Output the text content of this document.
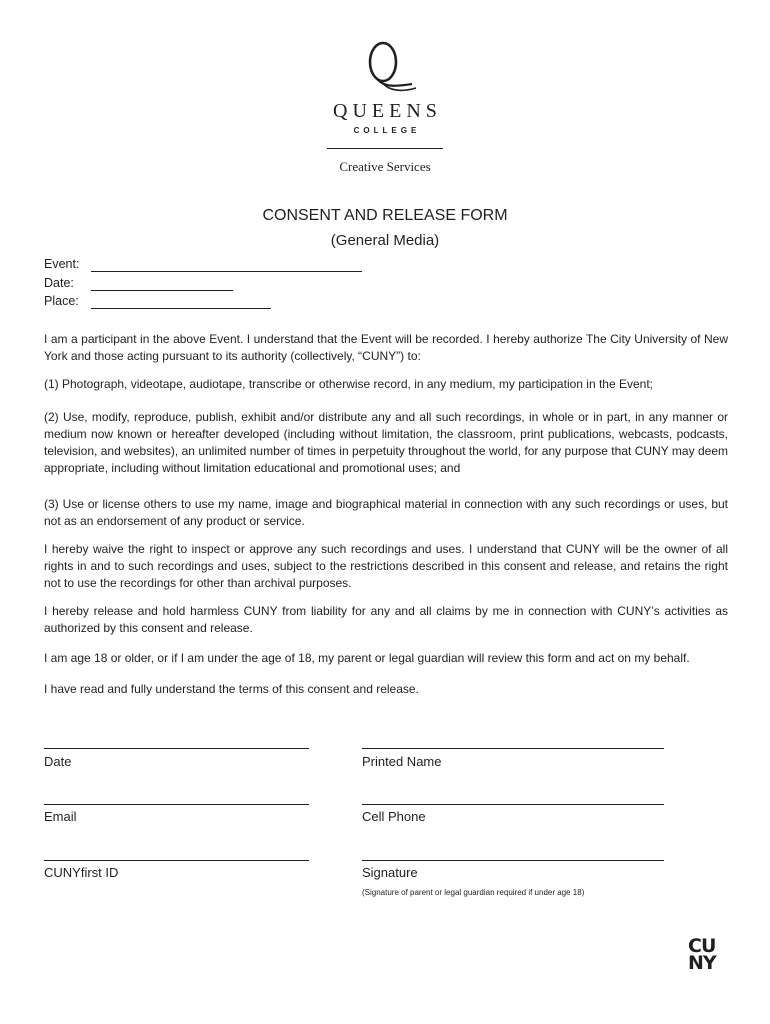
QUEENS
COLLEGE
Creative Services
CONSENT AND RELEASE FORM
(General Media)
Event:
Date:
Place:
I am a participant in the above Event. I understand that the Event will be recorded. I hereby authorize The City University of New York and those acting pursuant to its authority (collectively, “CUNY”) to:
(1) Photograph, videotape, audiotape, transcribe or otherwise record, in any medium, my participation in the Event;
(2) Use, modify, reproduce, publish, exhibit and/or distribute any and all such recordings, in whole or in part, in any manner or medium now known or hereafter developed (including without limitation, the classroom, print publications, webcasts, podcasts, television, and websites), an unlimited number of times in perpetuity throughout the world, for any purpose that CUNY may deem appropriate, including without limitation educational and promotional uses; and
(3) Use or license others to use my name, image and biographical material in connection with any such recordings or uses, but not as an endorsement of any product or service.
I hereby waive the right to inspect or approve any such recordings and uses. I understand that CUNY will be the owner of all rights in and to such recordings and uses, subject to the restrictions described in this consent and release, and retains the right not to use the recordings for other than archival purposes.
I hereby release and hold harmless CUNY from liability for any and all claims by me in connection with CUNY’s activities as authorized by this consent and release.
I am age 18 or older, or if I am under the age of 18, my parent or legal guardian will review this form and act on my behalf.
I have read and fully understand the terms of this consent and release.
Date	Printed Name
Email	Cell Phone
CUNYfirst ID	Signature
(Signature of parent or legal guardian required if under age 18)
CU
NY
